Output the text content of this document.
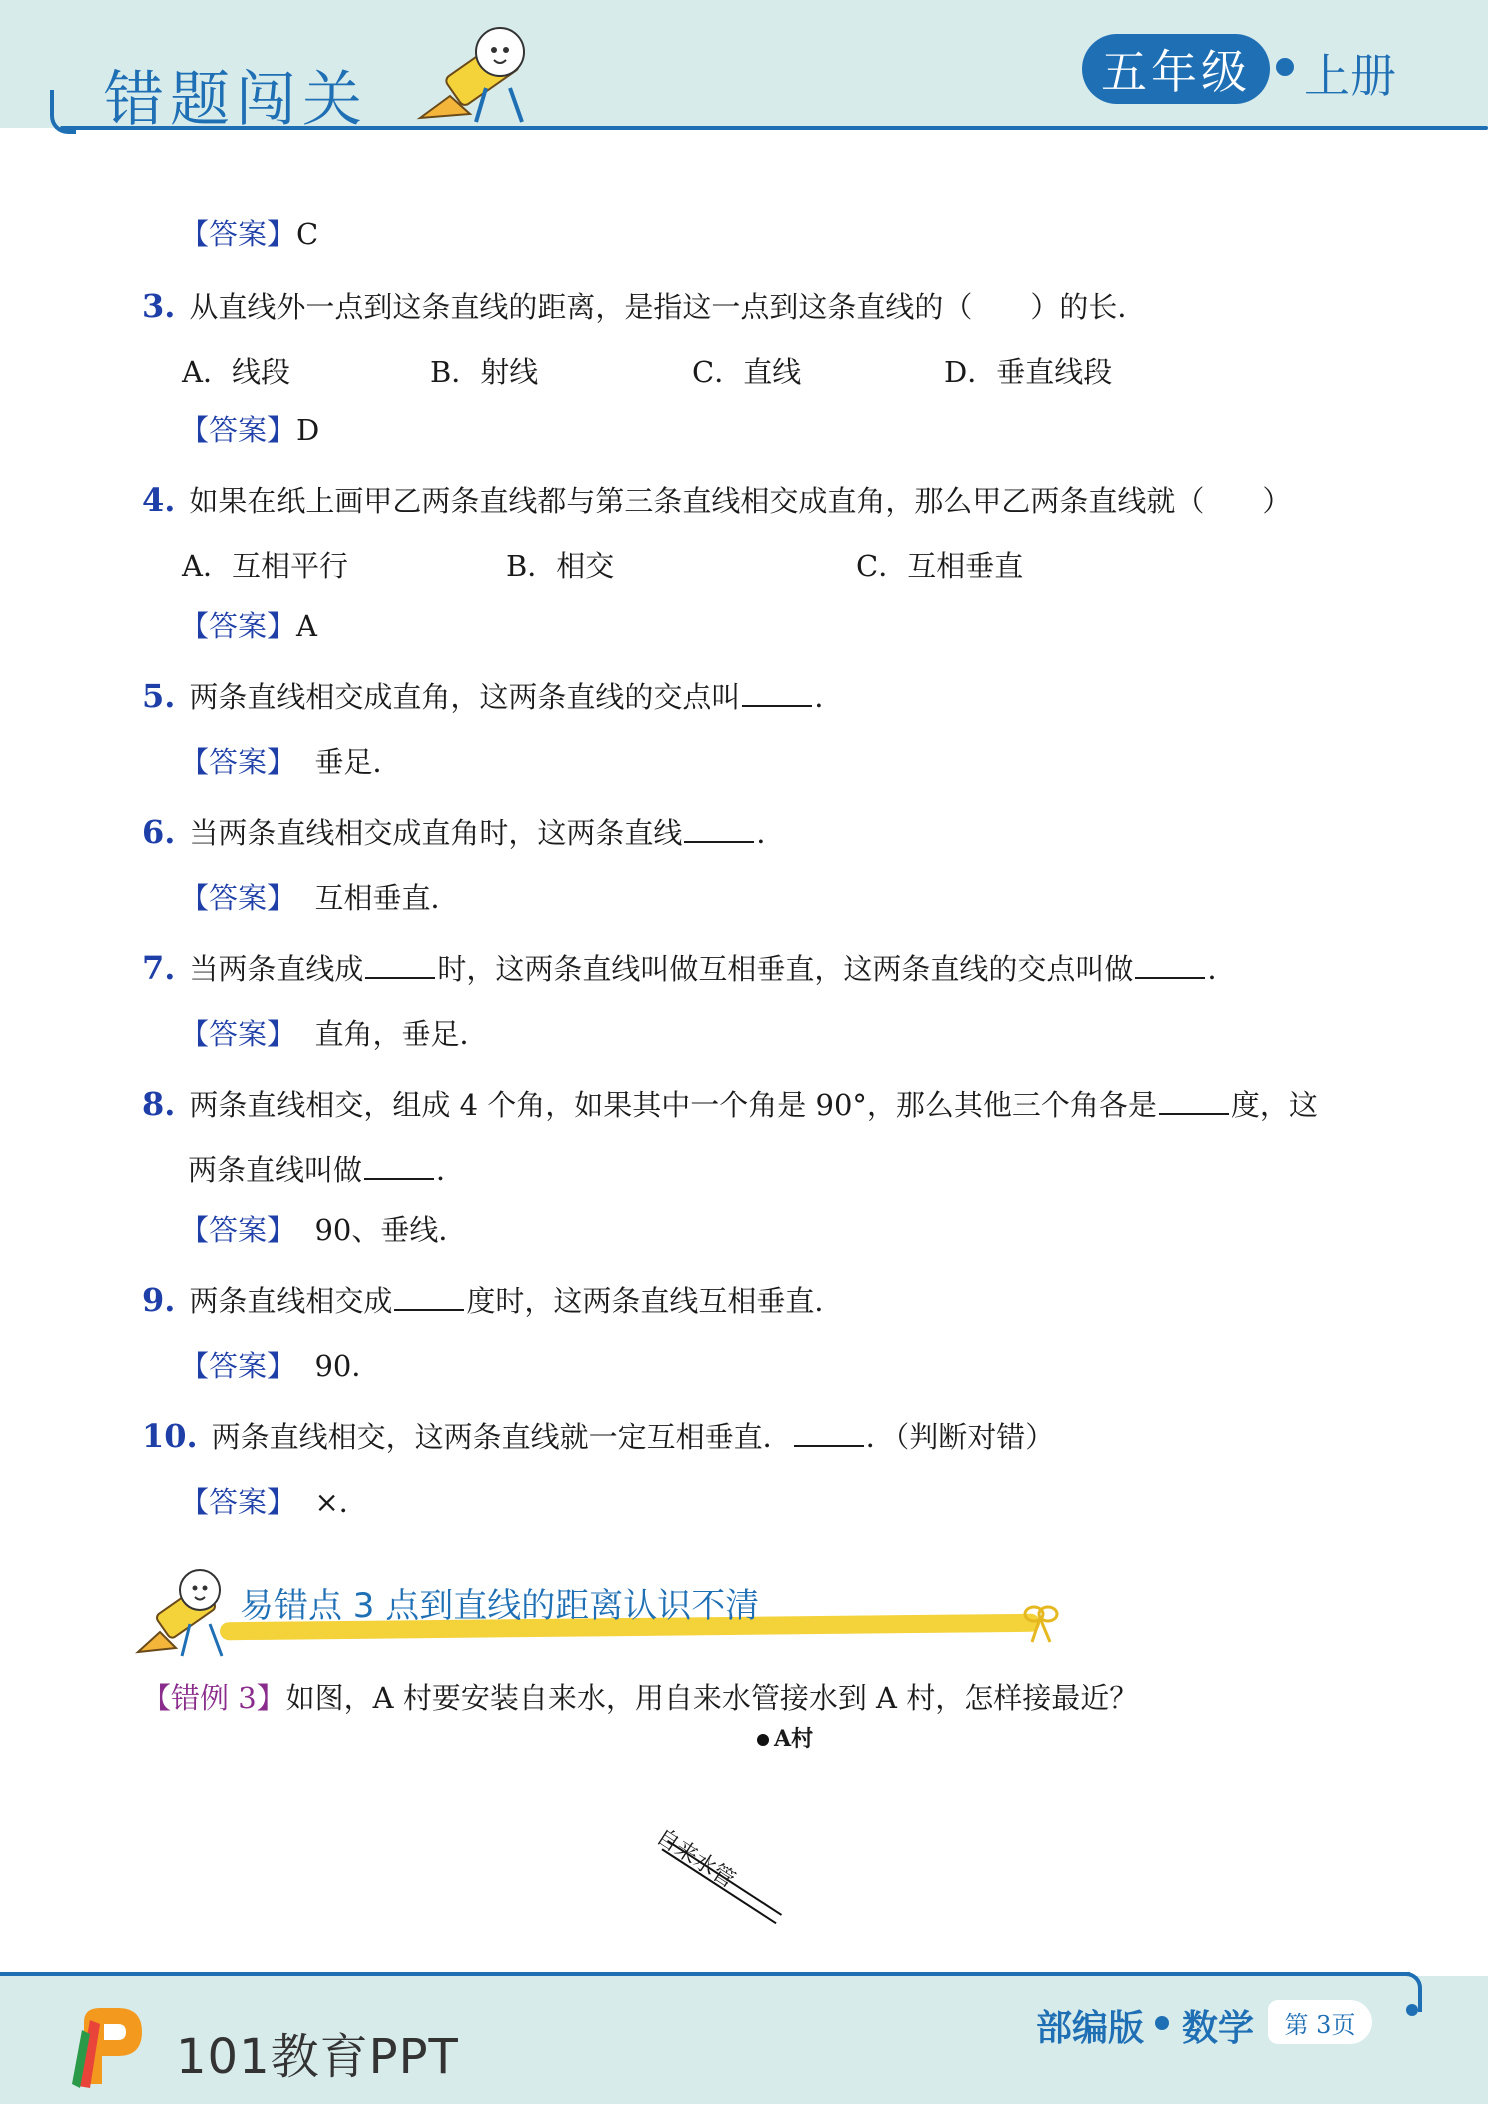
错题闯关	五年级	上册
【答案】C
3. 从直线外一点到这条直线的距离，是指这一点到这条直线的（　　）的长．
A．线段	B．射线	C．直线	D．垂直线段
【答案】D
4. 如果在纸上画甲乙两条直线都与第三条直线相交成直角，那么甲乙两条直线就（　　）
A．互相平行	B．相交	C．互相垂直
【答案】A
5. 两条直线相交成直角，这两条直线的交点叫	．
【答案】 垂足．
6. 当两条直线相交成直角时，这两条直线	．
【答案】 互相垂直．
7. 当两条直线成	时，这两条直线叫做互相垂直，这两条直线的交点叫做	．
【答案】 直角，垂足．
8. 两条直线相交，组成 4 个角，如果其中一个角是 90°，那么其他三个角各是	度，这
两条直线叫做	．
【答案】 90、垂线．
9. 两条直线相交成	度时，这两条直线互相垂直．
【答案】 90．
10. 两条直线相交，这两条直线就一定互相垂直．	．（判断对错）
【答案】 ×．
易错点 3 点到直线的距离认识不清
【错例 3】如图，A 村要安装自来水，用自来水管接水到 A 村，怎样接最近？
A村
自来水管
101教育PPT
部编版 数学	第 3页
